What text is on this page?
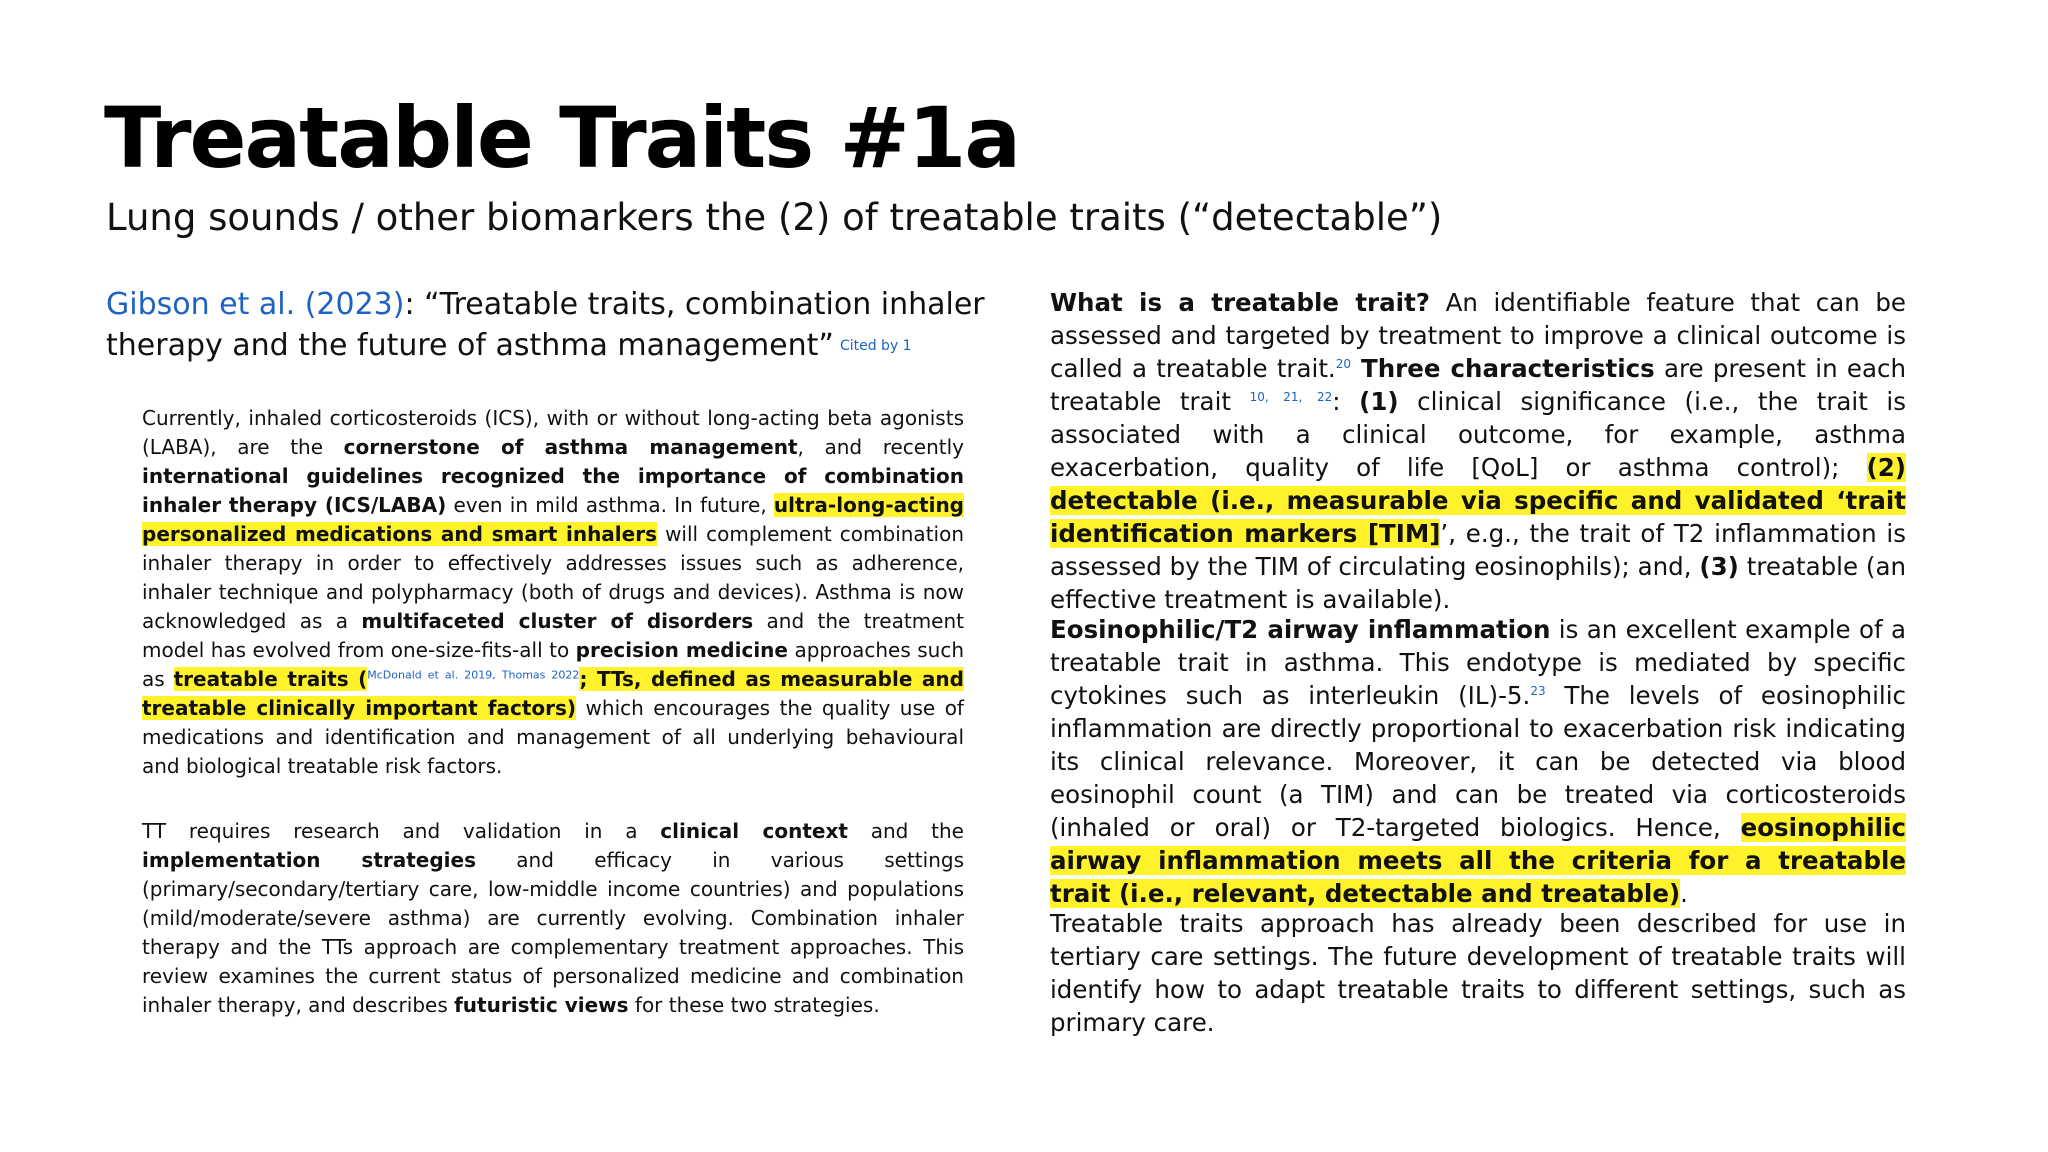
Treatable Traits #1a

Lung sounds / other biomarkers the (2) of treatable traits (“detectable”)

Gibson et al. (2023): “Treatable traits, combination inhaler therapy and the future of asthma management” Cited by 1

Currently, inhaled corticosteroids (ICS), with or without long-acting beta agonists (LABA), are the cornerstone of asthma management, and recently international guidelines recognized the importance of combination inhaler therapy (ICS/LABA) even in mild asthma. In future, ultra-long-acting personalized medications and smart inhalers will complement combination inhaler therapy in order to effectively addresses issues such as adherence, inhaler technique and polypharmacy (both of drugs and devices). Asthma is now acknowledged as a multifaceted cluster of disorders and the treatment model has evolved from one-size-fits-all to precision medicine approaches such as treatable traits ($^{McDonald et al. 2019,}$ $^{Thomas 2022}$; TTs, defined as measurable and treatable clinically important factors) which encourages the quality use of medications and identification and management of all underlying behavioural and biological treatable risk factors.

TT requires research and validation in a clinical context and the implementation strategies and efficacy in various settings (primary/secondary/tertiary care, low-middle income countries) and populations (mild/moderate/severe asthma) are currently evolving. Combination inhaler therapy and the TTs approach are complementary treatment approaches. This review examines the current status of personalized medicine and combination inhaler therapy, and describes futuristic views for these two strategies.

What is a treatable trait? An identifiable feature that can be assessed and targeted by treatment to improve a clinical outcome is called a treatable trait.$^{20}$ Three characteristics are present in each treatable trait $^{10, 21, 22}$: (1) clinical significance (i.e., the trait is associated with a clinical outcome, for example, asthma exacerbation, quality of life [QoL] or asthma control); (2) detectable (i.e., measurable via specific and validated ‘trait identification markers [TIM]’, e.g., the trait of T2 inflammation is assessed by the TIM of circulating eosinophils); and, (3) treatable (an effective treatment is available).

Eosinophilic/T2 airway inflammation is an excellent example of a treatable trait in asthma. This endotype is mediated by specific cytokines such as interleukin (IL)-5.23 The levels of eosinophilic inflammation are directly proportional to exacerbation risk indicating its clinical relevance. Moreover, it can be detected via blood eosinophil count (a TIM) and can be treated via corticosteroids (inhaled or oral) or T2-targeted biologics. Hence, eosinophilic airway inflammation meets all the criteria for a treatable trait (i.e., relevant, detectable and treatable).

Treatable traits approach has already been described for use in tertiary care settings. The future development of treatable traits will identify how to adapt treatable traits to different settings, such as primary care.
